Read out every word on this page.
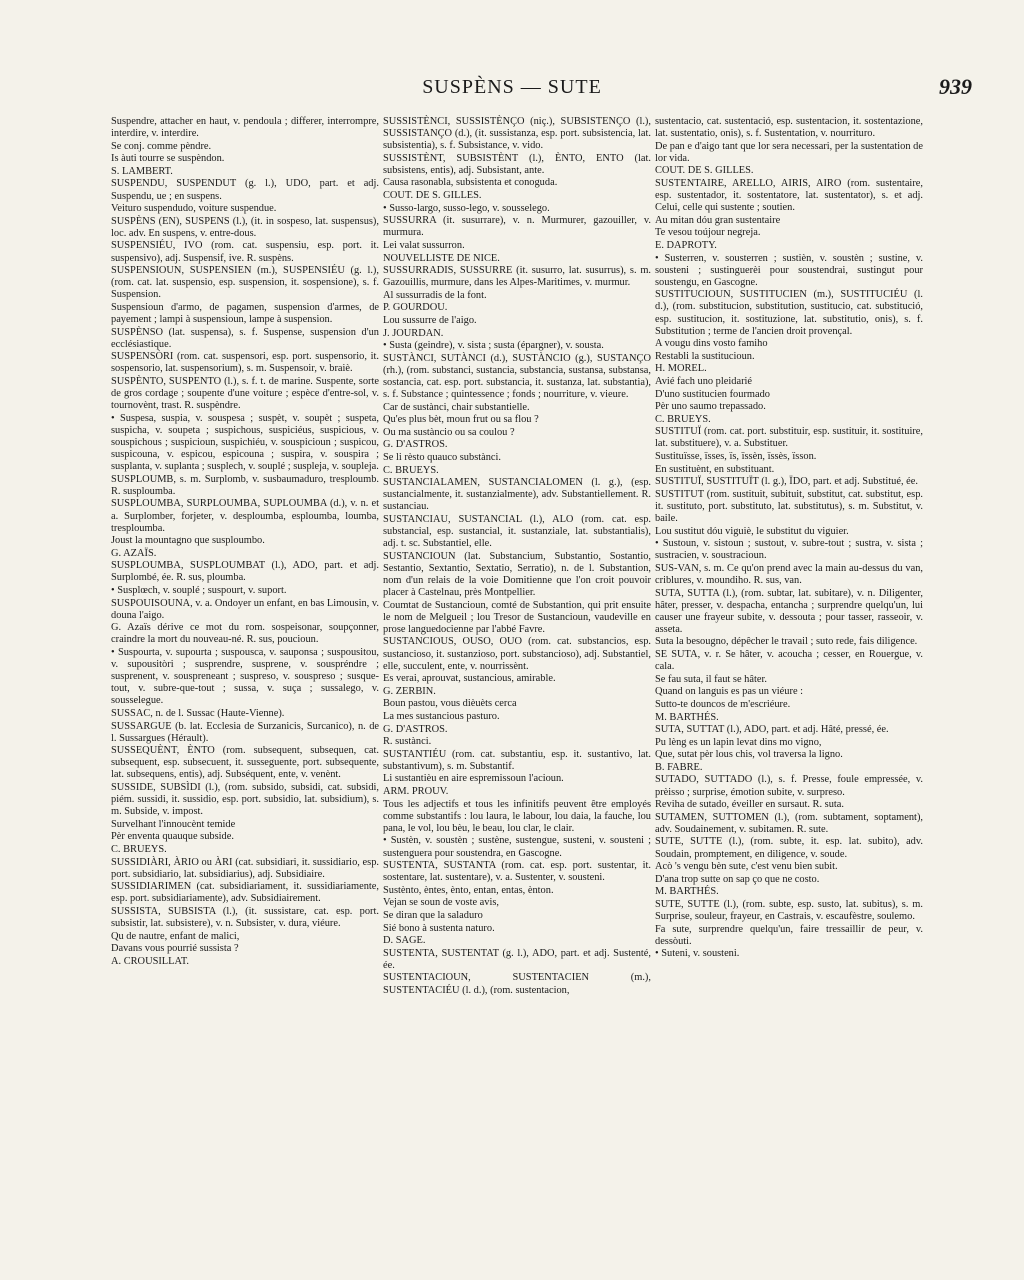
SUSPÈNS — SUTE	939

Suspendre, attacher en haut, v. pendoula ; differer, interrompre, interdire, v. interdire.

Se conj. comme pèndre.

Is àuti tourre se suspèndon.

S. LAMBERT.

SUSPENDU, SUSPENDUT (g. l.), UDO, part. et adj. Suspendu, ue ; en suspens.

Veituro suspendudo, voiture suspendue.

SUSPÈNS (EN), SUSPENS (l.), (it. in sospeso, lat. suspensus), loc. adv. En suspens, v. entre-dous.

SUSPENSIÉU, IVO (rom. cat. suspensiu, esp. port. it. suspensivo), adj. Suspensif, ive. R. suspèns.

SUSPENSIOUN, SUSPENSIEN (m.), SUSPENSIÉU (g. l.), (rom. cat. lat. suspensio, esp. suspension, it. sospensione), s. f. Suspension.

Suspensioun d'armo, de pagamen, suspension d'armes, de payement ; lampi à suspensioun, lampe à suspension.

SUSPÈNSO (lat. suspensa), s. f. Suspense, suspension d'un ecclésiastique.

SUSPENSÒRI (rom. cat. suspensori, esp. port. suspensorio, it. sospensorio, lat. suspensorium), s. m. Suspensoir, v. braiè.

SUSPÈNTO, SUSPENTO (l.), s. f. t. de marine. Suspente, sorte de gros cordage ; soupente d'une voiture ; espèce d'entre-sol, v. tournovènt, trast. R. suspèndre.

• Suspesa, suspia, v. souspesa ; suspèt, v. soupèt ; suspeta, suspicha, v. soupeta ; suspichous, suspiciéus, suspicious, v. souspichous ; suspicioun, suspichiéu, v. souspicioun ; suspicou, suspicouna, v. espicou, espicouna ; suspira, v. souspira ; susplanta, v. suplanta ; susplech, v. souplé ; suspleja, v. soupleja.

SUSPLOUMB, s. m. Surplomb, v. susbaumaduro, tresploumb. R. susploumba.

SUSPLOUMBA, SURPLOUMBA, SUPLOUMBA (d.), v. n. et a. Surplomber, forjeter, v. desploumba, esploumba, loumba, tresploumba.

Joust la mountagno que susploumbo.

G. AZAÏS.

SUSPLOUMBA, SUSPLOUMBAT (l.), ADO, part. et adj. Surplombé, ée. R. sus, ploumba.

• Susplœch, v. souplé ; suspourt, v. suport.

SUSPOUISOUNA, v. a. Ondoyer un enfant, en bas Limousin, v. douna l'aigo.

G. Azaïs dérive ce mot du rom. sospeisonar, soupçonner, craindre la mort du nouveau-né. R. sus, poucioun.

• Suspourta, v. supourta ; suspousca, v. sauponsa ; suspousitou, v. supousitòri ; susprendre, susprene, v. souspréndre ; susprenent, v. souspreneant ; suspreso, v. souspreso ; susque-tout, v. subre-que-tout ; sussa, v. suça ; sussalego, v. sousselegue.

SUSSAC, n. de l. Sussac (Haute-Vienne).

SUSSARGUE (b. lat. Ecclesia de Surzanicis, Surcanico), n. de l. Sussargues (Hérault).

SUSSEQUÈNT, ÈNTO (rom. subsequent, subsequen, cat. subsequent, esp. subsecuent, it. susseguente, port. subsequente, lat. subsequens, entis), adj. Subséquent, ente, v. venènt.

SUSSIDE, SUBSÌDI (l.), (rom. subsido, subsidi, cat. subsidi, piém. sussidi, it. sussidio, esp. port. subsidio, lat. subsidium), s. m. Subside, v. impost.

Survelhant l'innoucènt temide

Pèr enventa quauque subside.

C. BRUEYS.

SUSSIDIÀRI, ÀRIO ou ÀRI (cat. subsidiari, it. sussidiario, esp. port. subsidiario, lat. subsidiarius), adj. Subsidiaire.

SUSSIDIARIMEN (cat. subsidiariament, it. sussidiariamente, esp. port. subsidiariamente), adv. Subsidiairement.

SUSSISTA, SUBSISTA (l.), (it. sussistare, cat. esp. port. subsistir, lat. subsistere), v. n. Subsister, v. dura, viéure.

Qu de nautre, enfant de malici,

Davans vous pourrié sussista ?

A. CROUSILLAT.

SUSSISTÈNCI, SUSSISTÈNÇO (niç.), SUBSISTENÇO (l.), SUSSISTANÇO (d.), (it. sussistanza, esp. port. subsistencia, lat. subsistentia), s. f. Subsistance, v. vido.

SUSSISTÈNT, SUBSISTÈNT (l.), ÈNTO, ENTO (lat. subsistens, entis), adj. Subsistant, ante.

Causa rasonabla, subsistenta et conoguda.

COUT. DE S. GILLES.

• Susso-largo, susso-lego, v. sousselego.

SUSSURRA (it. susurrare), v. n. Murmurer, gazouiller, v. murmura.

Lei valat sussurron.

NOUVELLISTE DE NICE.

SUSSURRADIS, SUSSURRE (it. susurro, lat. susurrus), s. m. Gazouillis, murmure, dans les Alpes-Maritimes, v. murmur.

Al sussurradis de la font.

P. GOURDOU.

Lou sussurre de l'aigo.

J. JOURDAN.

• Susta (geindre), v. sista ; susta (épargner), v. sousta.

SUSTÀNCI, SUTÀNCI (d.), SUSTÀNCIO (g.), SUSTANÇO (rh.), (rom. substanci, sustancia, substancia, sustansa, substansa, sostancia, cat. esp. port. substancia, it. sustanza, lat. substantia), s. f. Substance ; quintessence ; fonds ; nourriture, v. vieure.

Car de sustànci, chair substantielle.

Qu'es plus bèt, moun frut ou sa flou ?

Ou ma sustàncio ou sa coulou ?

G. D'ASTROS.

Se li rèsto quauco substànci.

C. BRUEYS.

SUSTANCIALAMEN, SUSTANCIALOMEN (l. g.), (esp. sustancialmente, it. sustanzialmente), adv. Substantiellement. R. sustanciau.

SUSTANCIAU, SUSTANCIAL (l.), ALO (rom. cat. esp. substancial, esp. sustancial, it. sustanziale, lat. substantialis), adj. t. sc. Substantiel, elle.

SUSTANCIOUN (lat. Substancium, Substantio, Sostantio, Sestantio, Sextantio, Sextatio, Serratio), n. de l. Substantion, nom d'un relais de la voie Domitienne que l'on croit pouvoir placer à Castelnau, près Montpellier.

Coumtat de Sustancioun, comté de Substantion, qui prit ensuite le nom de Melgueil ; lou Tresor de Sustancioun, vaudeville en prose languedocienne par l'abbé Favre.

SUSTANCIOUS, OUSO, OUO (rom. cat. substancios, esp. sustancioso, it. sustanzioso, port. substancioso), adj. Substantiel, elle, succulent, ente, v. nourrissènt.

Es verai, aprouvat, sustancious, amirable.

G. ZERBIN.

Boun pastou, vous dièuèts cerca

La mes sustancious pasturo.

G. D'ASTROS.

R. sustànci.

SUSTANTIÉU (rom. cat. substantiu, esp. it. sustantivo, lat. substantivum), s. m. Substantif.

Li sustantièu en aire espremissoun l'acioun.

ARM. PROUV.

Tous les adjectifs et tous les infinitifs peuvent être employés comme substantifs : lou laura, le labour, lou daia, la fauche, lou pana, le vol, lou bèu, le beau, lou clar, le clair.

• Sustèn, v. soustèn ; sustène, sustengue, susteni, v. sousteni ; sustenguera pour soustendra, en Gascogne.

SUSTENTA, SUSTANTA (rom. cat. esp. port. sustentar, it. sostentare, lat. sustentare), v. a. Sustenter, v. sousteni.

Sustènto, èntes, ènto, entan, entas, ènton.

Vejan se soun de voste avis,

Se diran que la saladuro

Sié bono à sustenta naturo.

D. SAGE.

SUSTENTA, SUSTENTAT (g. l.), ADO, part. et adj. Sustenté, ée.

SUSTENTACIOUN, SUSTENTACIEN (m.), SUSTENTACIÉU (l. d.), (rom. sustentacion,

sustentacio, cat. sustentació, esp. sustentacion, it. sostentazione, lat. sustentatio, onis), s. f. Sustentation, v. nourrituro.

De pan e d'aigo tant que lor sera necessari, per la sustentation de lor vida.

COUT. DE S. GILLES.

SUSTENTAIRE, ARELLO, AIRIS, AIRO (rom. sustentaire, esp. sustentador, it. sostentatore, lat. sustentator), s. et adj. Celui, celle qui sustente ; soutien.

Au mitan dóu gran sustentaire

Te vesou toújour negreja.

E. DAPROTY.

• Susterren, v. sousterren ; sustièn, v. soustèn ; sustine, v. sousteni ; sustinguerèi pour soustendrai, sustingut pour soustengu, en Gascogne.

SUSTITUCIOUN, SUSTITUCIEN (m.), SUSTITUCIÉU (l. d.), (rom. substitucion, substitution, sustitucio, cat. substitució, esp. sustitucion, it. sostituzione, lat. substitutio, onis), s. f. Substitution ; terme de l'ancien droit provençal.

A vougu dins vosto famiho

Restabli la sustitucioun.

H. MOREL.

Avié fach uno pleidarié

D'uno sustitucien fourmado

Pèr uno saumo trepassado.

C. BRUEYS.

SUSTITUÏ (rom. cat. port. substituir, esp. sustituir, it. sostituire, lat. substituere), v. a. Substituer.

Sustituïsse, ïsses, ïs, ïssèn, ïssès, ïsson.

En sustituènt, en substituant.

SUSTITUÏ, SUSTITUÏT (l. g.), ÏDO, part. et adj. Substitué, ée.

SUSTITUT (rom. sustituit, subituit, substitut, cat. substitut, esp. it. sustituto, port. substituto, lat. substitutus), s. m. Substitut, v. baile.

Lou sustitut dóu viguiè, le substitut du viguier.

• Sustoun, v. sistoun ; sustout, v. subre-tout ; sustra, v. sista ; sustracien, v. soustracioun.

SUS-VAN, s. m. Ce qu'on prend avec la main au-dessus du van, criblures, v. moundiho. R. sus, van.

SUTA, SUTTA (l.), (rom. subtar, lat. subitare), v. n. Diligenter, hâter, presser, v. despacha, entancha ; surprendre quelqu'un, lui causer une frayeur subite, v. dessouta ; pour tasser, rasseoir, v. asseta.

Suta la besougno, dépêcher le travail ; suto rede, fais diligence.

SE SUTA, v. r. Se hâter, v. acoucha ; cesser, en Rouergue, v. cala.

Se fau suta, il faut se hâter.

Quand on languis es pas un viéure :

Sutto-te douncos de m'escriéure.

M. BARTHÉS.

SUTA, SUTTAT (l.), ADO, part. et adj. Hâté, pressé, ée.

Pu lèng es un lapin levat dins mo vigno,

Que, sutat pèr lous chis, vol traversa la ligno.

B. FABRE.

SUTADO, SUTTADO (l.), s. f. Presse, foule empressée, v. prèisso ; surprise, émotion subite, v. surpreso.

Reviha de sutado, éveiller en sursaut. R. suta.

SUTAMEN, SUTTOMEN (l.), (rom. subtament, soptament), adv. Soudainement, v. subitamen. R. sute.

SUTE, SUTTE (l.), (rom. subte, it. esp. lat. subito), adv. Soudain, promptement, en diligence, v. soude.

Acò 's vengu bèn sute, c'est venu bien subit.

D'ana trop sutte on sap ço que ne costo.

M. BARTHÉS.

SUTE, SUTTE (l.), (rom. subte, esp. susto, lat. subitus), s. m. Surprise, souleur, frayeur, en Castrais, v. escaufèstre, soulemo.

Fa sute, surprendre quelqu'un, faire tressaillir de peur, v. dessòuti.

• Suteni, v. sousteni.
